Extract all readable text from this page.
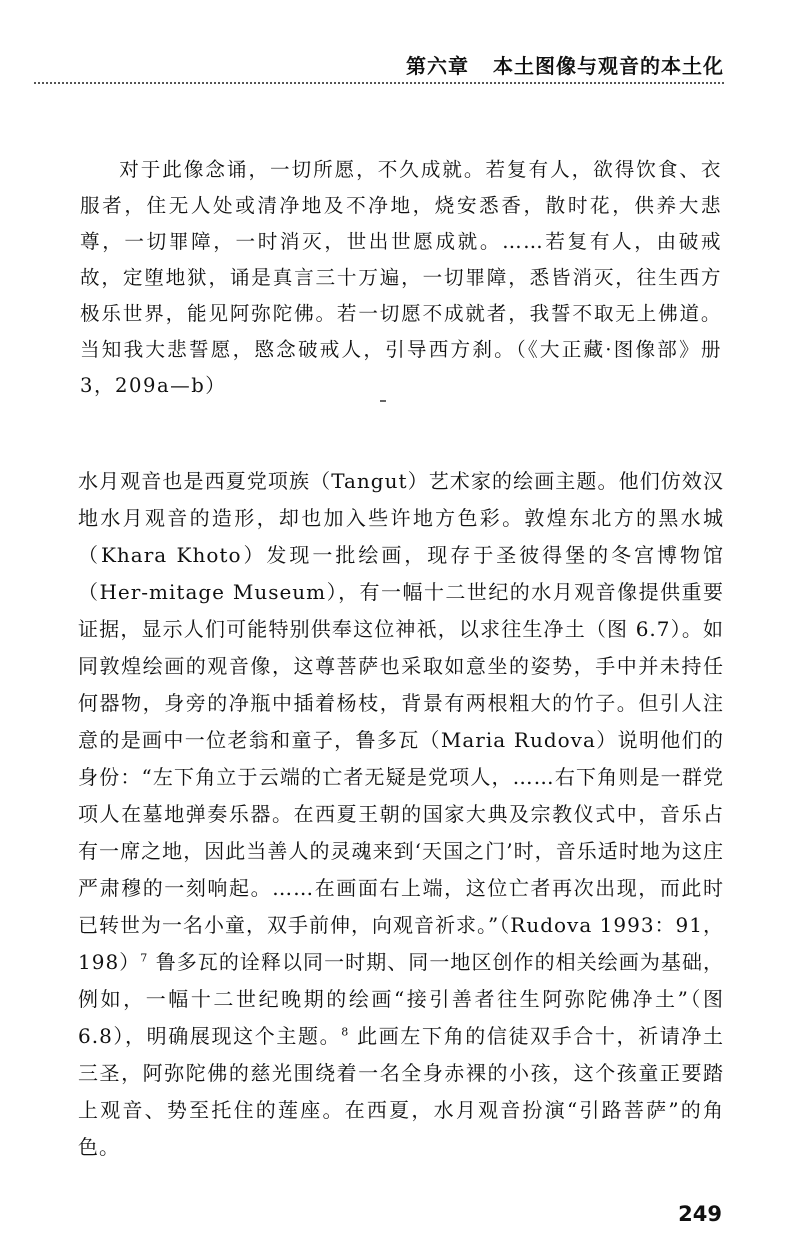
第六章 本土图像与观音的本土化

对于此像念诵，一切所愿，不久成就。若复有人，欲得饮食、衣服者，住无人处或清净地及不净地，烧安悉香，散时花，供养大悲尊，一切罪障，一时消灭，世出世愿成就。……若复有人，由破戒故，定堕地狱，诵是真言三十万遍，一切罪障，悉皆消灭，往生西方极乐世界，能见阿弥陀佛。若一切愿不成就者，我誓不取无上佛道。当知我大悲誓愿，愍念破戒人，引导西方刹。（《大正藏·图像部》册 3，209a—b）

水月观音也是西夏党项族（Tangut）艺术家的绘画主题。他们仿效汉地水月观音的造形，却也加入些许地方色彩。敦煌东北方的黑水城（Khara Khoto）发现一批绘画，现存于圣彼得堡的冬宫博物馆（Her-mitage Museum），有一幅十二世纪的水月观音像提供重要证据，显示人们可能特别供奉这位神祇，以求往生净土（图 6.7）。如同敦煌绘画的观音像，这尊菩萨也采取如意坐的姿势，手中并未持任何器物，身旁的净瓶中插着杨枝，背景有两根粗大的竹子。但引人注意的是画中一位老翁和童子，鲁多瓦（Maria Rudova）说明他们的身份：“左下角立于云端的亡者无疑是党项人，……右下角则是一群党项人在墓地弹奏乐器。在西夏王朝的国家大典及宗教仪式中，音乐占有一席之地，因此当善人的灵魂来到‘天国之门’时，音乐适时地为这庄严肃穆的一刻响起。……在画面右上端，这位亡者再次出现，而此时已转世为一名小童，双手前伸，向观音祈求。”（Rudova 1993：91，198）$^7$ 鲁多瓦的诠释以同一时期、同一地区创作的相关绘画为基础，例如，一幅十二世纪晚期的绘画“接引善者往生阿弥陀佛净土”（图 6.8），明确展现这个主题。$^8$ 此画左下角的信徒双手合十，祈请净土三圣，阿弥陀佛的慈光围绕着一名全身赤裸的小孩，这个孩童正要踏上观音、势至托住的莲座。在西夏，水月观音扮演“引路菩萨”的角色。

249
